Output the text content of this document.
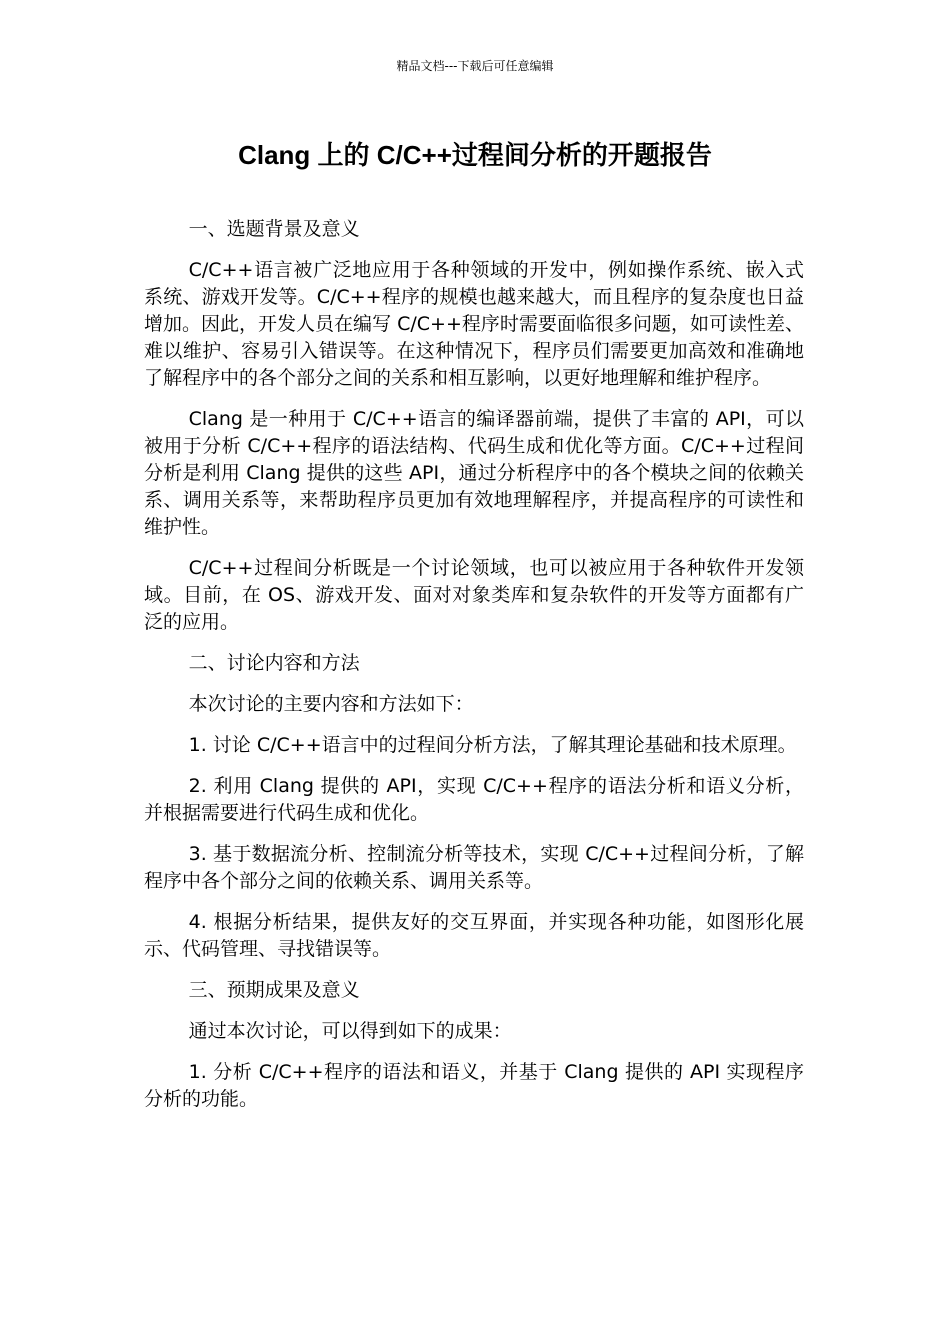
精品文档---下载后可任意编辑
Clang 上的 C/C++过程间分析的开题报告

一、选题背景及意义

C/C++语言被广泛地应用于各种领域的开发中，例如操作系统、嵌入式系统、游戏开发等。C/C++程序的规模也越来越大，而且程序的复杂度也日益增加。因此，开发人员在编写 C/C++程序时需要面临很多问题，如可读性差、难以维护、容易引入错误等。在这种情况下，程序员们需要更加高效和准确地了解程序中的各个部分之间的关系和相互影响，以更好地理解和维护程序。

Clang 是一种用于 C/C++语言的编译器前端，提供了丰富的 API，可以被用于分析 C/C++程序的语法结构、代码生成和优化等方面。C/C++过程间分析是利用 Clang 提供的这些 API，通过分析程序中的各个模块之间的依赖关系、调用关系等，来帮助程序员更加有效地理解程序，并提高程序的可读性和维护性。

C/C++过程间分析既是一个讨论领域，也可以被应用于各种软件开发领域。目前，在 OS、游戏开发、面对对象类库和复杂软件的开发等方面都有广泛的应用。

二、讨论内容和方法

本次讨论的主要内容和方法如下：

1. 讨论 C/C++语言中的过程间分析方法，了解其理论基础和技术原理。

2. 利用 Clang 提供的 API，实现 C/C++程序的语法分析和语义分析，并根据需要进行代码生成和优化。

3. 基于数据流分析、控制流分析等技术，实现 C/C++过程间分析，了解程序中各个部分之间的依赖关系、调用关系等。

4. 根据分析结果，提供友好的交互界面，并实现各种功能，如图形化展示、代码管理、寻找错误等。

三、预期成果及意义

通过本次讨论，可以得到如下的成果：

1. 分析 C/C++程序的语法和语义，并基于 Clang 提供的 API 实现程序分析的功能。
